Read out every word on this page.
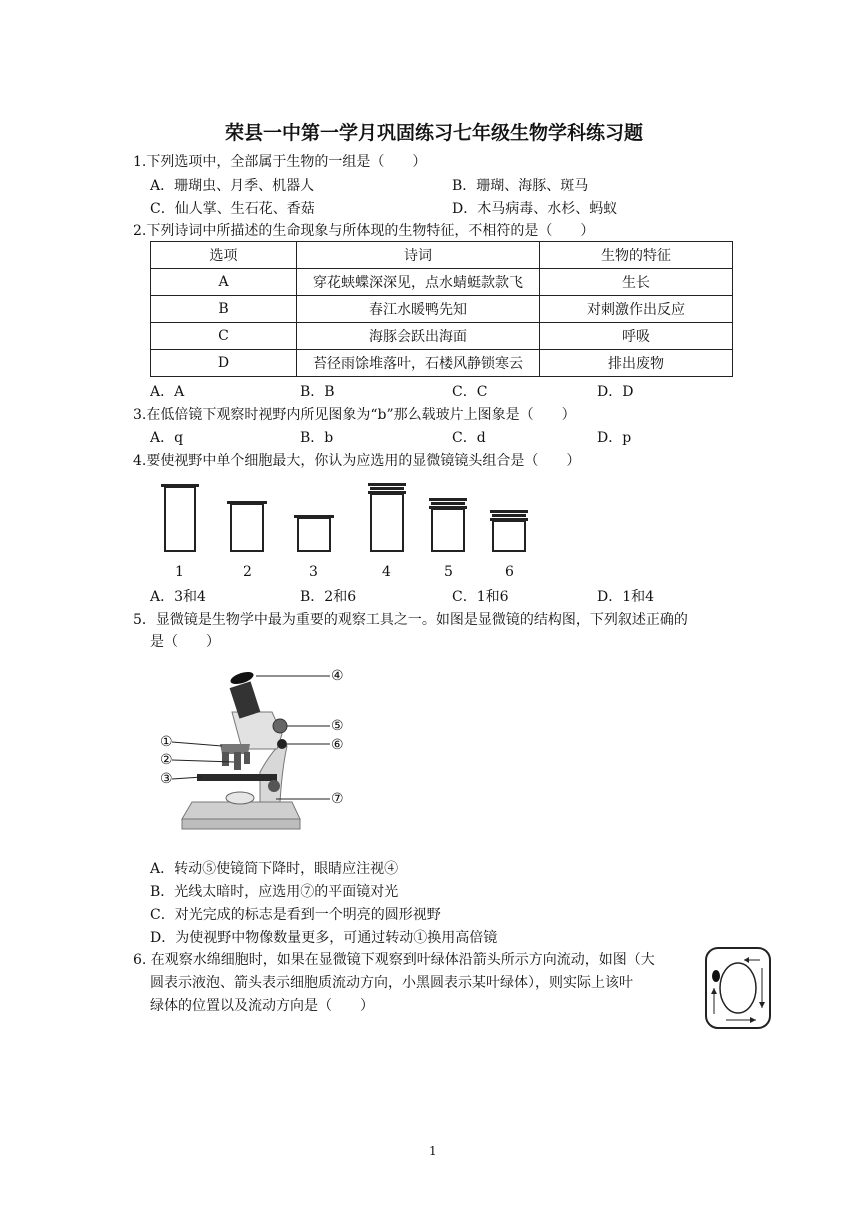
荣县一中第一学月巩固练习七年级生物学科练习题
1.下列选项中，全部属于生物的一组是（　　）
A．珊瑚虫、月季、机器人	B．珊瑚、海豚、斑马
C．仙人掌、生石花、香菇	D．木马病毒、水杉、蚂蚁
2.下列诗词中所描述的生命现象与所体现的生物特征，不相符的是（　　）
选项	诗词	生物的特征
A	穿花蛱蝶深深见，点水蜻蜓款款飞	生长
B	春江水暖鸭先知	对刺激作出反应
C	海豚会跃出海面	呼吸
D	苔径雨馀堆落叶，石楼风静锁寒云	排出废物
A．A	B．B	C．C	D．D
3.在低倍镜下观察时视野内所见图象为“b”那么载玻片上图象是（　　）
A．q	B．b	C．d	D．p
4.要使视野中单个细胞最大，你认为应选用的显微镜镜头组合是（　　）
1	2	3	4	5	6
A．3和4	B．2和6	C．1和6	D．1和4
5．显微镜是生物学中最为重要的观察工具之一。如图是显微镜的结构图，下列叙述正确的
是（　　）
①
②
③
④
⑤
⑥
⑦
A．转动⑤使镜筒下降时，眼睛应注视④
B．光线太暗时，应选用⑦的平面镜对光
C．对光完成的标志是看到一个明亮的圆形视野
D．为使视野中物像数量更多，可通过转动①换用高倍镜
6. 在观察水绵细胞时，如果在显微镜下观察到叶绿体沿箭头所示方向流动，如图（大
圆表示液泡、箭头表示细胞质流动方向，小黑圆表示某叶绿体），则实际上该叶
绿体的位置以及流动方向是（　　）
1
